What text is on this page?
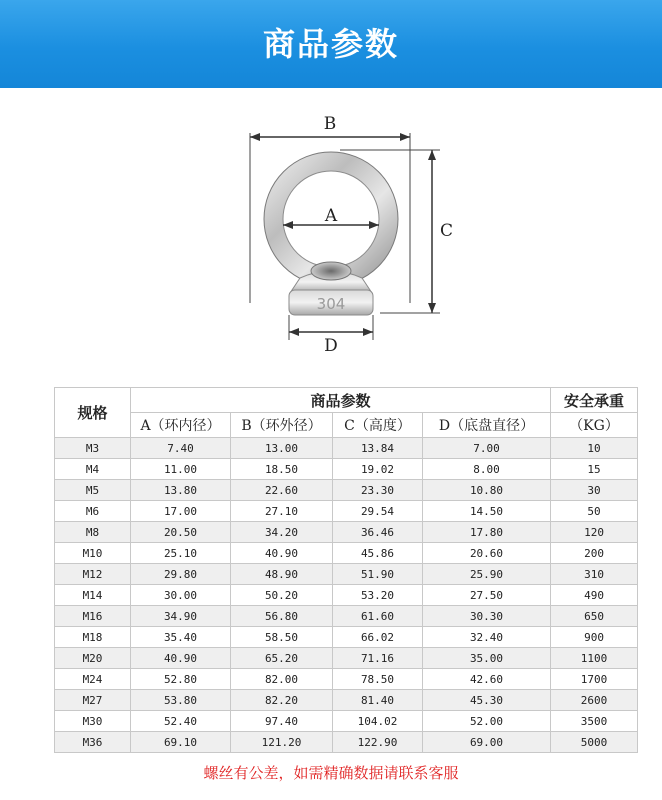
商品参数
B
C
304
A
D
规格	商品参数				安全承重
	A（环内径）	B（环外径）	C（高度）	D（底盘直径）	（KG）
M3	7.40	13.00	13.84	7.00	10
M4	11.00	18.50	19.02	8.00	15
M5	13.80	22.60	23.30	10.80	30
M6	17.00	27.10	29.54	14.50	50
M8	20.50	34.20	36.46	17.80	120
M10	25.10	40.90	45.86	20.60	200
M12	29.80	48.90	51.90	25.90	310
M14	30.00	50.20	53.20	27.50	490
M16	34.90	56.80	61.60	30.30	650
M18	35.40	58.50	66.02	32.40	900
M20	40.90	65.20	71.16	35.00	1100
M24	52.80	82.00	78.50	42.60	1700
M27	53.80	82.20	81.40	45.30	2600
M30	52.40	97.40	104.02	52.00	3500
M36	69.10	121.20	122.90	69.00	5000
螺丝有公差，如需精确数据请联系客服
